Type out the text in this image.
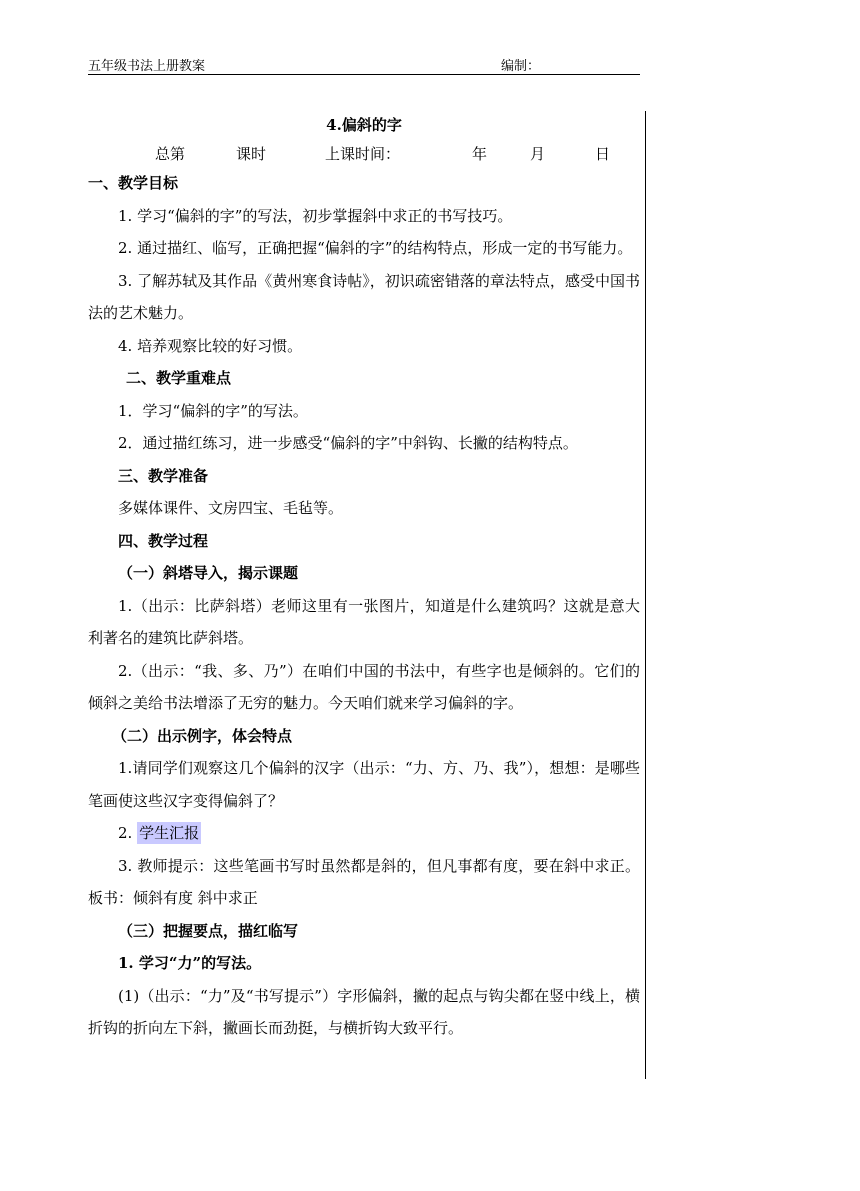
五年级书法上册教案	编制：
4.偏斜的字
总第	课时	上课时间：	年	月	日

一、教学目标

1. 学习“偏斜的字”的写法，初步掌握斜中求正的书写技巧。

2. 通过描红、临写，正确把握“偏斜的字”的结构特点，形成一定的书写能力。

3. 了解苏轼及其作品《黄州寒食诗帖》，初识疏密错落的章法特点，感受中国书法的艺术魅力。

4. 培养观察比较的好习惯。

二、教学重难点

1．学习“偏斜的字”的写法。

2．通过描红练习，进一步感受“偏斜的字”中斜钩、长撇的结构特点。

三、教学准备

多媒体课件、文房四宝、毛毡等。

四、教学过程

（一）斜塔导入，揭示课题

1.（出示：比萨斜塔）老师这里有一张图片，知道是什么建筑吗？这就是意大利著名的建筑比萨斜塔。

2.（出示：“我、多、乃”）在咱们中国的书法中，有些字也是倾斜的。它们的倾斜之美给书法增添了无穷的魅力。今天咱们就来学习偏斜的字。

（二）出示例字，体会特点

1.请同学们观察这几个偏斜的汉字（出示：“力、方、乃、我”），想想：是哪些笔画使这些汉字变得偏斜了？

2. 学生汇报

3. 教师提示：这些笔画书写时虽然都是斜的，但凡事都有度，要在斜中求正。 板书：倾斜有度 斜中求正

（三）把握要点，描红临写

1. 学习“力”的写法。

(1)（出示：“力”及“书写提示”）字形偏斜，撇的起点与钩尖都在竖中线上，横折钩的折向左下斜，撇画长而劲挺，与横折钩大致平行。
